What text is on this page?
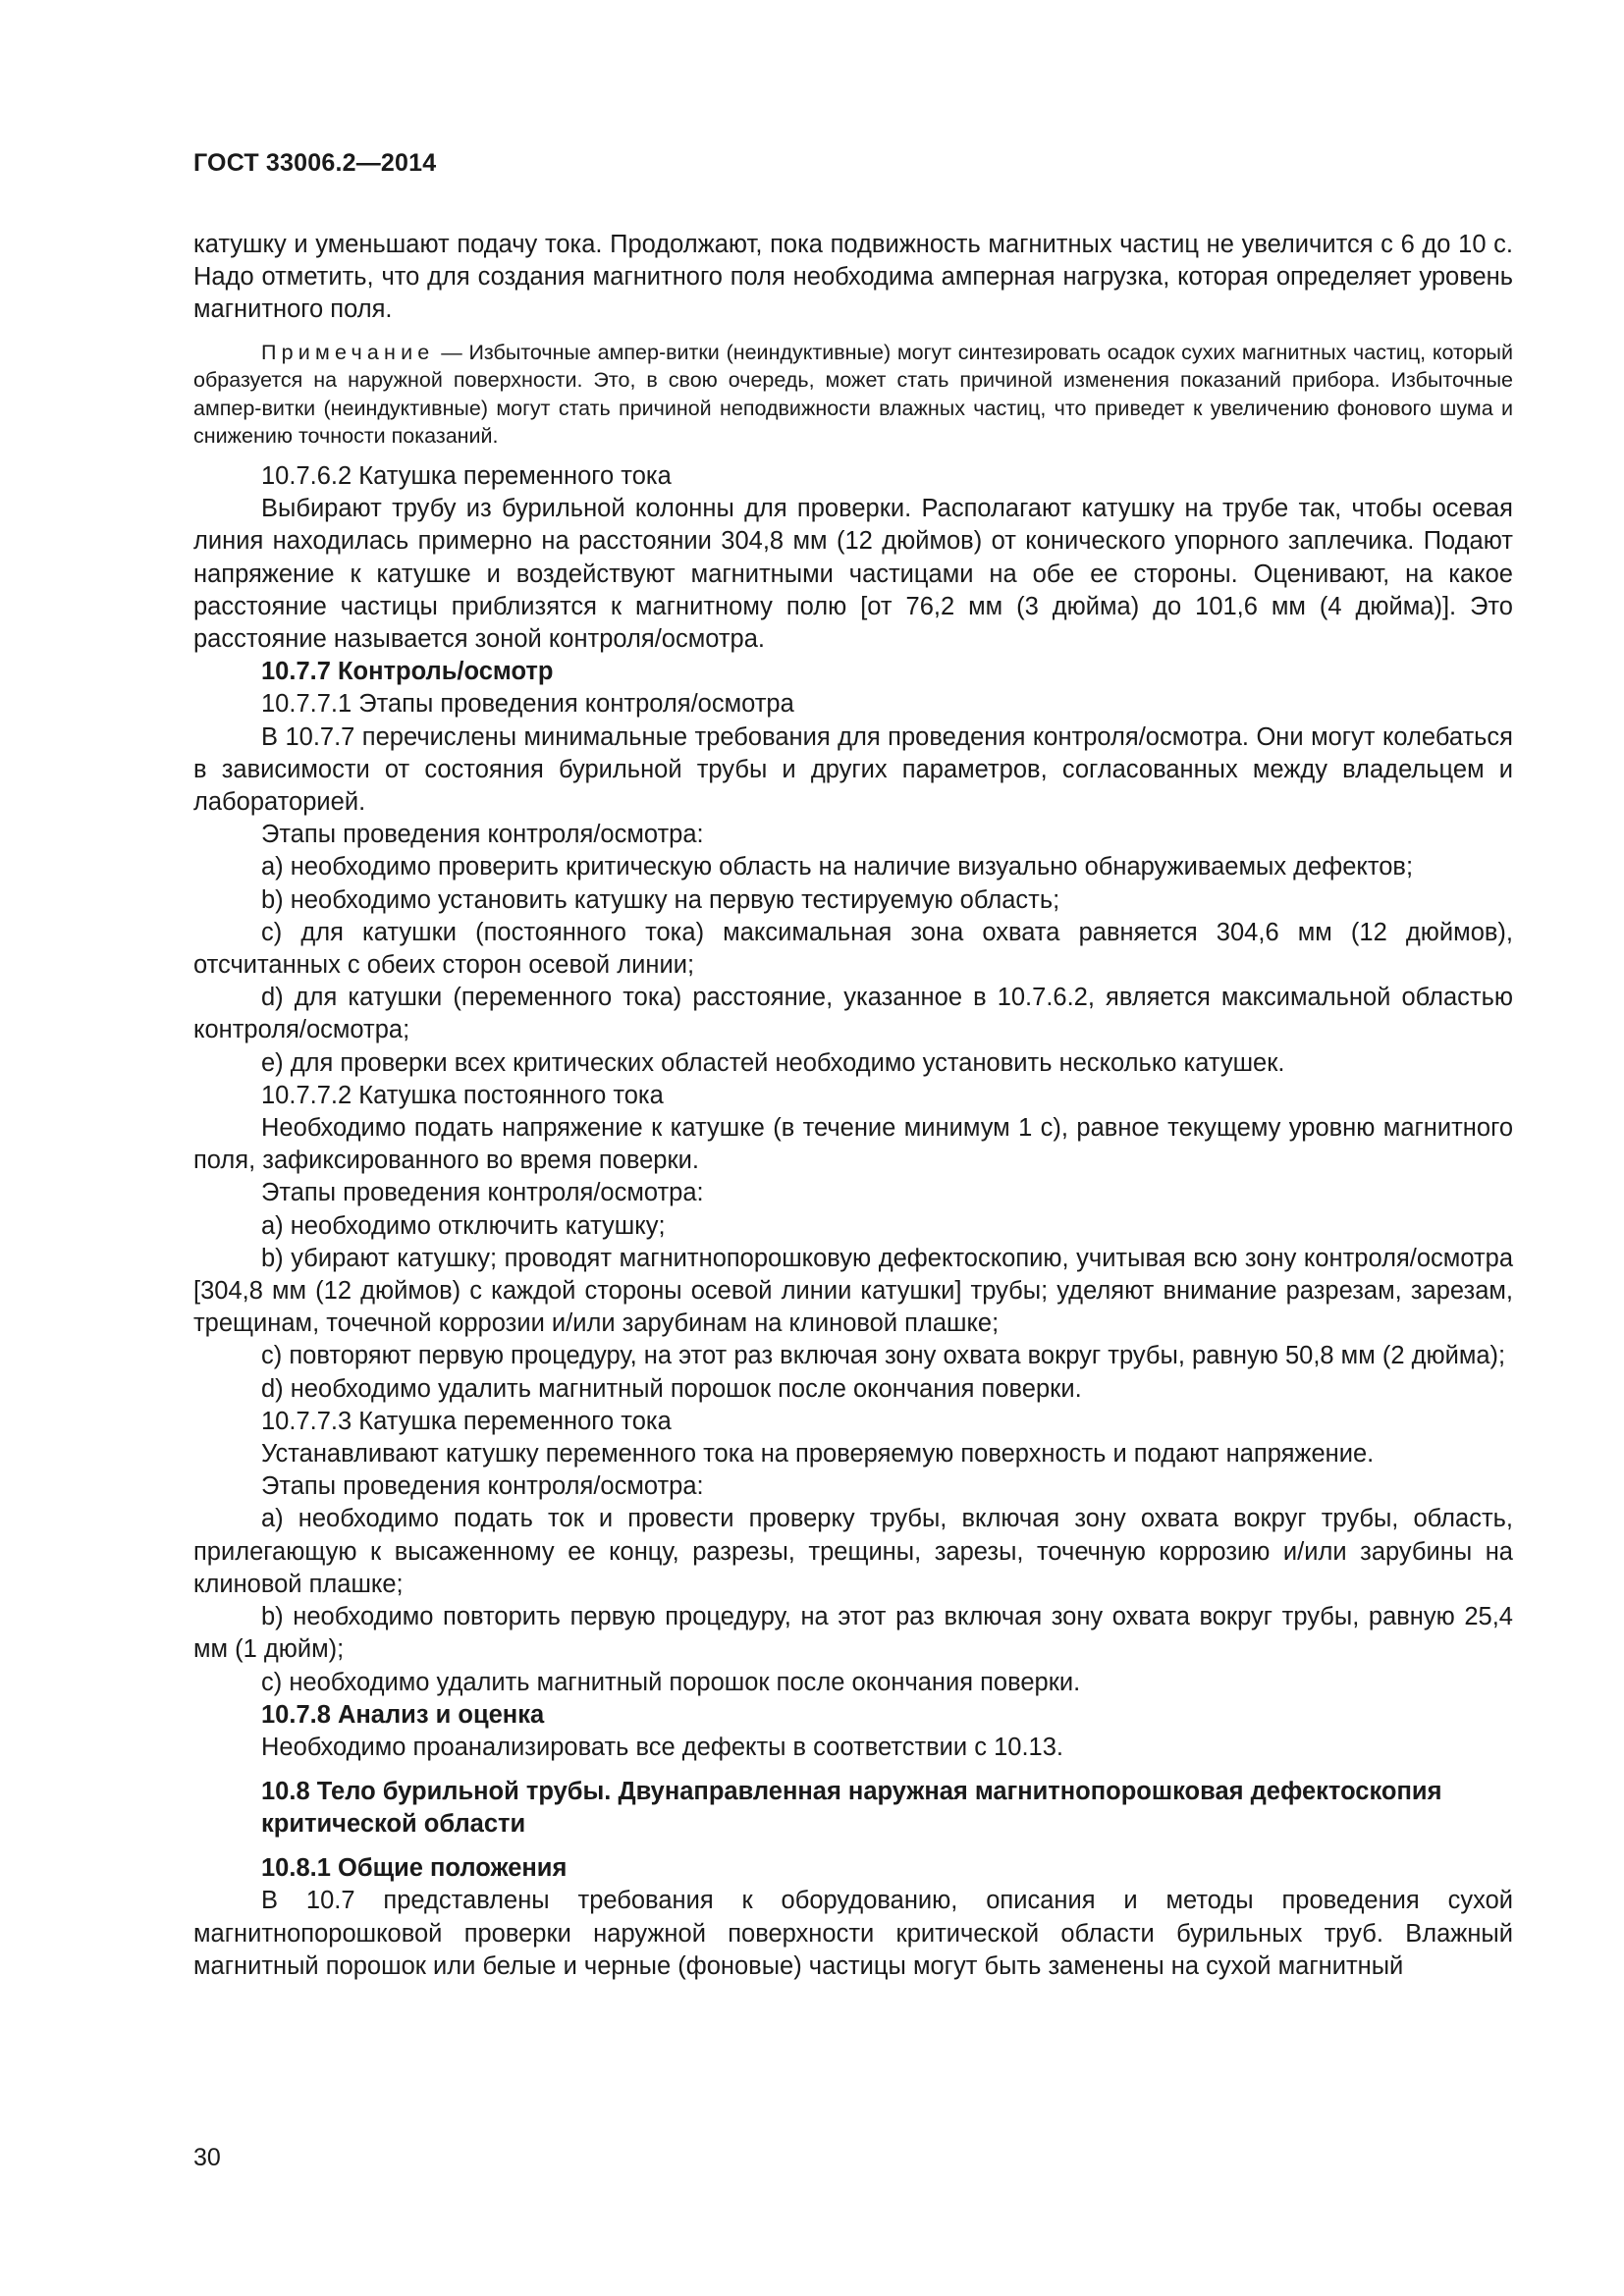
ГОСТ 33006.2—2014

катушку и уменьшают подачу тока. Продолжают, пока подвижность магнитных частиц не увеличится с 6 до 10 с. Надо отметить, что для создания магнитного поля необходима амперная нагрузка, которая определяет уровень магнитного поля.

Примечание — Избыточные ампер-витки (неиндуктивные) могут синтезировать осадок сухих магнитных частиц, который образуется на наружной поверхности. Это, в свою очередь, может стать причиной изменения показаний прибора. Избыточные ампер-витки (неиндуктивные) могут стать причиной неподвижности влажных частиц, что приведет к увеличению фонового шума и снижению точности показаний.

10.7.6.2 Катушка переменного тока

Выбирают трубу из бурильной колонны для проверки. Располагают катушку на трубе так, чтобы осевая линия находилась примерно на расстоянии 304,8 мм (12 дюймов) от конического упорного заплечика. Подают напряжение к катушке и воздействуют магнитными частицами на обе ее стороны. Оценивают, на какое расстояние частицы приблизятся к магнитному полю [от 76,2 мм (3 дюйма) до 101,6 мм (4 дюйма)]. Это расстояние называется зоной контроля/осмотра.

10.7.7 Контроль/осмотр

10.7.7.1 Этапы проведения контроля/осмотра

В 10.7.7 перечислены минимальные требования для проведения контроля/осмотра. Они могут колебаться в зависимости от состояния бурильной трубы и других параметров, согласованных между владельцем и лабораторией.

Этапы проведения контроля/осмотра:

a) необходимо проверить критическую область на наличие визуально обнаруживаемых дефектов;

b) необходимо установить катушку на первую тестируемую область;

c) для катушки (постоянного тока) максимальная зона охвата равняется 304,6 мм (12 дюймов), отсчитанных с обеих сторон осевой линии;

d) для катушки (переменного тока) расстояние, указанное в 10.7.6.2, является максимальной областью контроля/осмотра;

e) для проверки всех критических областей необходимо установить несколько катушек.

10.7.7.2 Катушка постоянного тока

Необходимо подать напряжение к катушке (в течение минимум 1 с), равное текущему уровню магнитного поля, зафиксированного во время поверки.

Этапы проведения контроля/осмотра:

a) необходимо отключить катушку;

b) убирают катушку; проводят магнитнопорошковую дефектоскопию, учитывая всю зону контроля/осмотра [304,8 мм (12 дюймов) с каждой стороны осевой линии катушки] трубы; уделяют внимание разрезам, зарезам, трещинам, точечной коррозии и/или зарубинам на клиновой плашке;

c) повторяют первую процедуру, на этот раз включая зону охвата вокруг трубы, равную 50,8 мм (2 дюйма);

d) необходимо удалить магнитный порошок после окончания поверки.

10.7.7.3 Катушка переменного тока

Устанавливают катушку переменного тока на проверяемую поверхность и подают напряжение.

Этапы проведения контроля/осмотра:

a) необходимо подать ток и провести проверку трубы, включая зону охвата вокруг трубы, область, прилегающую к высаженному ее концу, разрезы, трещины, зарезы, точечную коррозию и/или зарубины на клиновой плашке;

b) необходимо повторить первую процедуру, на этот раз включая зону охвата вокруг трубы, равную 25,4 мм (1 дюйм);

c) необходимо удалить магнитный порошок после окончания поверки.

10.7.8 Анализ и оценка

Необходимо проанализировать все дефекты в соответствии с 10.13.

10.8 Тело бурильной трубы. Двунаправленная наружная магнитнопорошковая дефектоскопия критической области

10.8.1 Общие положения

В 10.7 представлены требования к оборудованию, описания и методы проведения сухой магнитнопорошковой проверки наружной поверхности критической области бурильных труб. Влажный магнитный порошок или белые и черные (фоновые) частицы могут быть заменены на сухой магнитный

30
